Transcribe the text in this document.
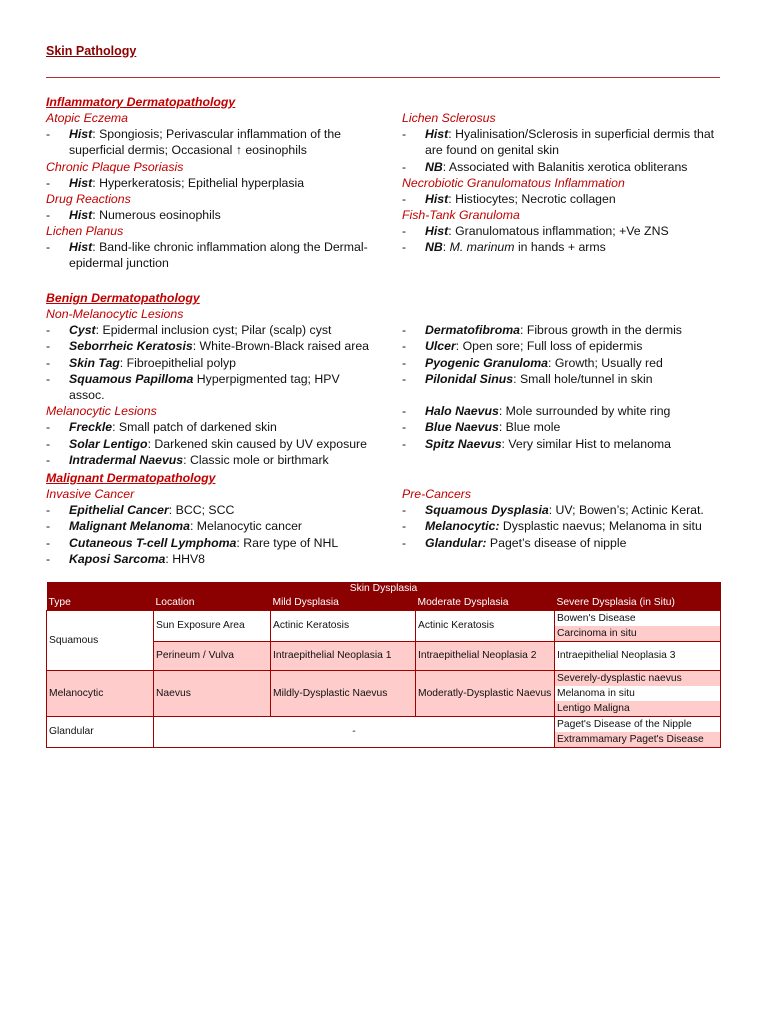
Skin Pathology
Inflammatory Dermatopathology
Atopic Eczema
- Hist: Spongiosis; Perivascular inflammation of the superficial dermis; Occasional ↑ eosinophils
Chronic Plaque Psoriasis
- Hist: Hyperkeratosis; Epithelial hyperplasia
Drug Reactions
- Hist: Numerous eosinophils
Lichen Planus
- Hist: Band-like chronic inflammation along the Dermal-epidermal junction
Lichen Sclerosus
- Hist: Hyalinisation/Sclerosis in superficial dermis that are found on genital skin
- NB: Associated with Balanitis xerotica obliterans
Necrobiotic Granulomatous Inflammation
- Hist: Histiocytes; Necrotic collagen
Fish-Tank Granuloma
- Hist: Granulomatous inflammation; +Ve ZNS
- NB: M. marinum in hands + arms
Benign Dermatopathology
Non-Melanocytic Lesions
- Cyst: Epidermal inclusion cyst; Pilar (scalp) cyst
- Seborrheic Keratosis: White-Brown-Black raised area
- Skin Tag: Fibroepithelial polyp
- Squamous Papilloma Hyperpigmented tag; HPV assoc.
Melanocytic Lesions
- Freckle: Small patch of darkened skin
- Solar Lentigo: Darkened skin caused by UV exposure
- Intradermal Naevus: Classic mole or birthmark
- Dermatofibroma: Fibrous growth in the dermis
- Ulcer: Open sore; Full loss of epidermis
- Pyogenic Granuloma: Growth; Usually red
- Pilonidal Sinus: Small hole/tunnel in skin
- Halo Naevus: Mole surrounded by white ring
- Blue Naevus: Blue mole
- Spitz Naevus: Very similar Hist to melanoma
Malignant Dermatopathology
Invasive Cancer
- Epithelial Cancer: BCC; SCC
- Malignant Melanoma: Melanocytic cancer
- Cutaneous T-cell Lymphoma: Rare type of NHL
- Kaposi Sarcoma: HHV8
Pre-Cancers
- Squamous Dysplasia: UV; Bowen’s; Actinic Kerat.
- Melanocytic: Dysplastic naevus; Melanoma in situ
- Glandular: Paget’s disease of nipple
Skin Dysplasia				
Type	Location	Mild Dysplasia	Moderate Dysplasia	Severe Dysplasia (in Situ)
Squamous	Sun Exposure Area	Actinic Keratosis	Actinic Keratosis	Bowen's Disease
Carcinoma in situ

	Perineum / Vulva	Intraepithelial Neoplasia 1	Intraepithelial Neoplasia 2	Intraepithelial Neoplasia 3
Melanocytic	Naevus	Mildly-Dysplastic Naevus	Moderatly-Dysplastic Naevus	Severely-dysplastic naevus
Melanoma in situ
Lentigo Maligna

Glandular	-			Paget's Disease of the Nipple
Extrammamary Paget's Disease
